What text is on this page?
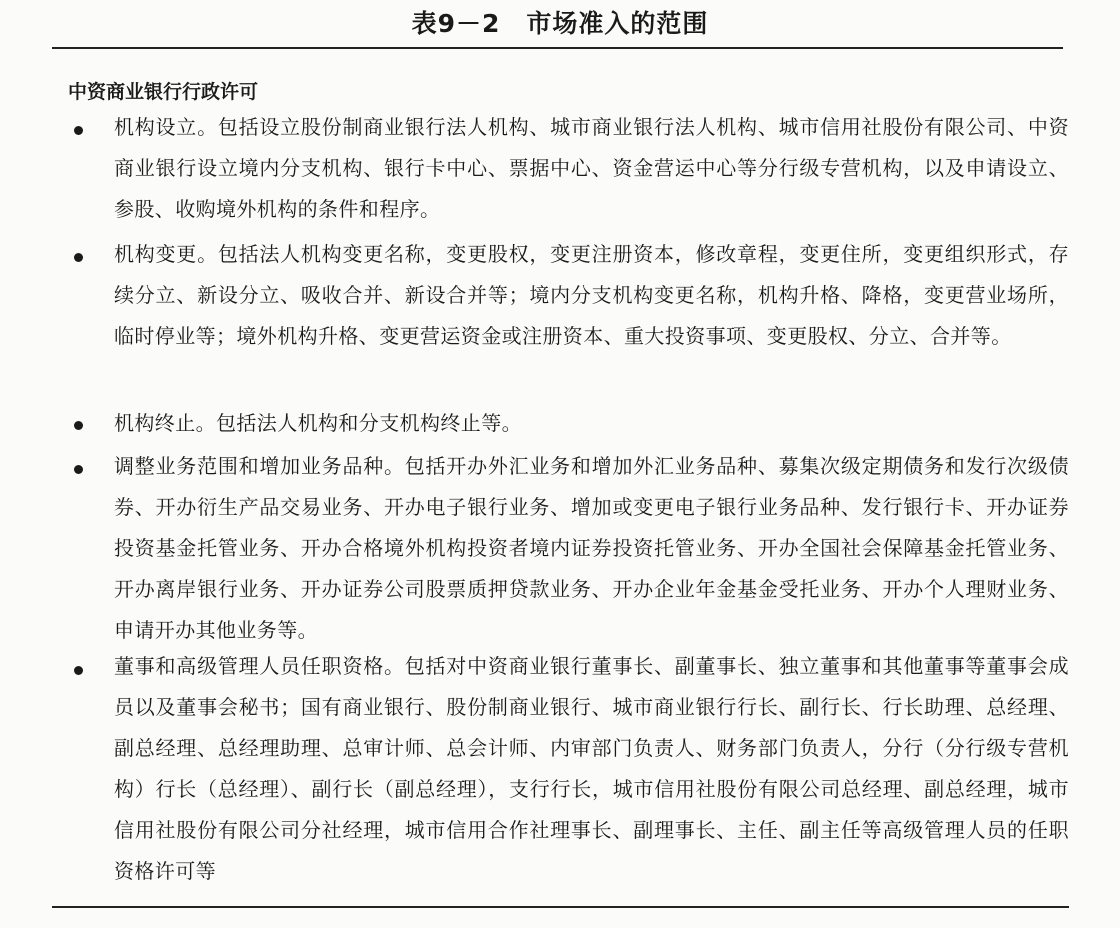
表9－2　市场准入的范围
中资商业银行行政许可
机构设立。包括设立股份制商业银行法人机构、城市商业银行法人机构、城市信用社股份有限公司、中资商业银行设立境内分支机构、银行卡中心、票据中心、资金营运中心等分行级专营机构，以及申请设立、参股、收购境外机构的条件和程序。
机构变更。包括法人机构变更名称，变更股权，变更注册资本，修改章程，变更住所，变更组织形式，存续分立、新设分立、吸收合并、新设合并等；境内分支机构变更名称，机构升格、降格，变更营业场所，临时停业等；境外机构升格、变更营运资金或注册资本、重大投资事项、变更股权、分立、合并等。
机构终止。包括法人机构和分支机构终止等。
调整业务范围和增加业务品种。包括开办外汇业务和增加外汇业务品种、募集次级定期债务和发行次级债券、开办衍生产品交易业务、开办电子银行业务、增加或变更电子银行业务品种、发行银行卡、开办证券投资基金托管业务、开办合格境外机构投资者境内证券投资托管业务、开办全国社会保障基金托管业务、开办离岸银行业务、开办证券公司股票质押贷款业务、开办企业年金基金受托业务、开办个人理财业务、申请开办其他业务等。
董事和高级管理人员任职资格。包括对中资商业银行董事长、副董事长、独立董事和其他董事等董事会成员以及董事会秘书；国有商业银行、股份制商业银行、城市商业银行行长、副行长、行长助理、总经理、副总经理、总经理助理、总审计师、总会计师、内审部门负责人、财务部门负责人，分行（分行级专营机构）行长（总经理）、副行长（副总经理），支行行长，城市信用社股份有限公司总经理、副总经理，城市信用社股份有限公司分社经理，城市信用合作社理事长、副理事长、主任、副主任等高级管理人员的任职资格许可等
